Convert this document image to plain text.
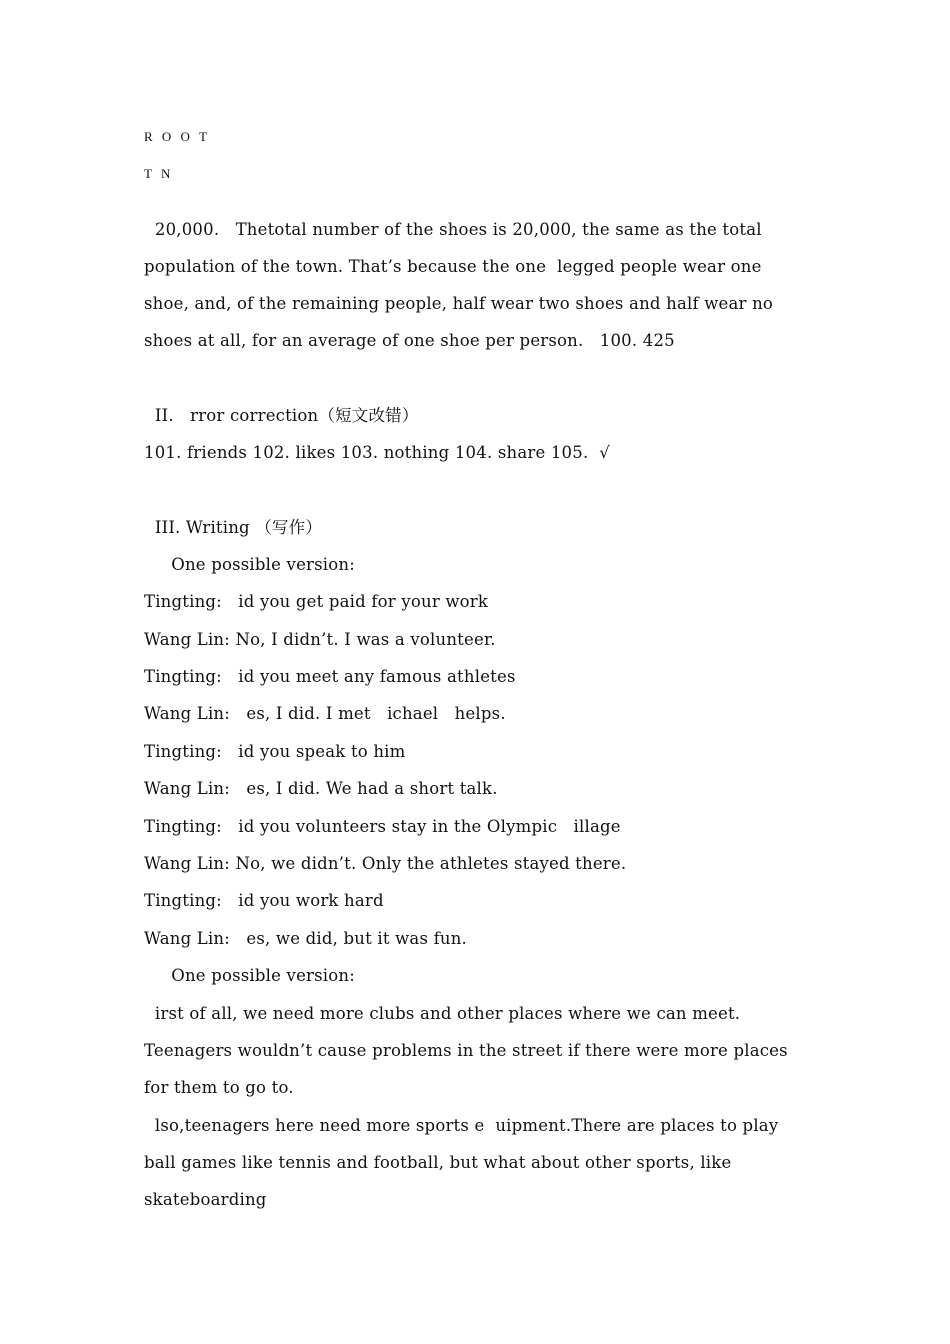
R O O T
T N
20,000.   Thetotal number of the shoes is 20,000, the same as the total
population of the town. That’s because the one  legged people wear one
shoe, and, of the remaining people, half wear two shoes and half wear no
shoes at all, for an average of one shoe per person.   100. 425
II.   rror correction（短文改错）
101. friends 102. likes 103. nothing 104. share 105.  √
III. Writing （写作）
One possible version:
Tingting:   id you get paid for your work
Wang Lin: No, I didn’t. I was a volunteer.
Tingting:   id you meet any famous athletes
Wang Lin:   es, I did. I met   ichael   helps.
Tingting:   id you speak to him
Wang Lin:   es, I did. We had a short talk.
Tingting:   id you volunteers stay in the Olympic   illage
Wang Lin: No, we didn’t. Only the athletes stayed there.
Tingting:   id you work hard
Wang Lin:   es, we did, but it was fun.
One possible version:
irst of all, we need more clubs and other places where we can meet.
Teenagers wouldn’t cause problems in the street if there were more places
for them to go to.
lso,teenagers here need more sports e  uipment.There are places to play
ball games like tennis and football, but what about other sports, like
skateboarding
